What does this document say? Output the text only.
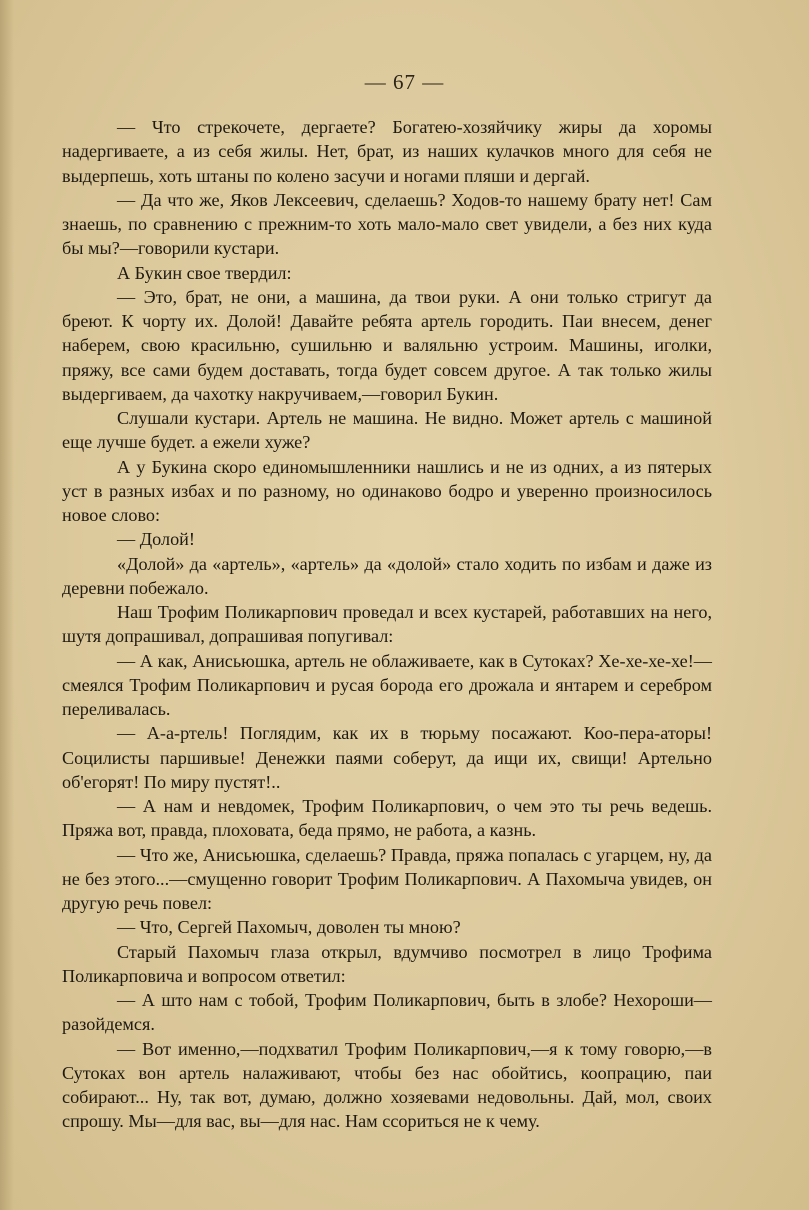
— 67 —

— Что стрекочете, дергаете? Богатею-хозяйчику жиры да хоромы надергиваете, а из себя жилы. Нет, брат, из наших кулачков много для себя не выдерпешь, хоть штаны по колено засучи и ногами пляши и дергай.

— Да что же, Яков Лексеевич, сделаешь? Ходов-то нашему брату нет! Сам знаешь, по сравнению с прежним-то хоть мало-мало свет увидели, а без них куда бы мы?—говорили кустари.

А Букин свое твердил:

— Это, брат, не они, а машина, да твои руки. А они только стригут да бреют. К чорту их. Долой! Давайте ребята артель городить. Паи внесем, денег наберем, свою красильню, сушильню и валяльню устроим. Машины, иголки, пряжу, все сами будем доставать, тогда будет совсем другое. А так только жилы выдергиваем, да чахотку накручиваем,—говорил Букин.

Слушали кустари. Артель не машина. Не видно. Может артель с машиной еще лучше будет. а ежели хуже?

А у Букина скоро единомышленники нашлись и не из одних, а из пятерых уст в разных избах и по разному, но одинаково бодро и уверенно произносилось новое слово:

— Долой!

«Долой» да «артель», «артель» да «долой» стало ходить по избам и даже из деревни побежало.

Наш Трофим Поликарпович проведал и всех кустарей, работавших на него, шутя допрашивал, допрашивая попугивал:

— А как, Анисьюшка, артель не облаживаете, как в Сутоках? Хе-хе-хе-хе!—смеялся Трофим Поликарпович и русая борода его дрожала и янтарем и серебром переливалась.

— А-а-ртель! Поглядим, как их в тюрьму посажают. Коо-пера-аторы! Социлисты паршивые! Денежки паями соберут, да ищи их, свищи! Артельно об'егорят! По миру пустят!..

— А нам и невдомек, Трофим Поликарпович, о чем это ты речь ведешь. Пряжа вот, правда, плоховата, беда прямо, не работа, а казнь.

— Что же, Анисьюшка, сделаешь? Правда, пряжа попалась с угарцем, ну, да не без этого...—смущенно говорит Трофим Поликарпович. А Пахомыча увидев, он другую речь повел:

— Что, Сергей Пахомыч, доволен ты мною?

Старый Пахомыч глаза открыл, вдумчиво посмотрел в лицо Трофима Поликарповича и вопросом ответил:

— А што нам с тобой, Трофим Поликарпович, быть в злобе? Нехороши—разойдемся.

— Вот именно,—подхватил Трофим Поликарпович,—я к тому говорю,—в Сутоках вон артель налаживают, чтобы без нас обойтись, коопрацию, паи собирают... Ну, так вот, думаю, должно хозяевами недовольны. Дай, мол, своих спрошу. Мы—для вас, вы—для нас. Нам ссориться не к чему.
